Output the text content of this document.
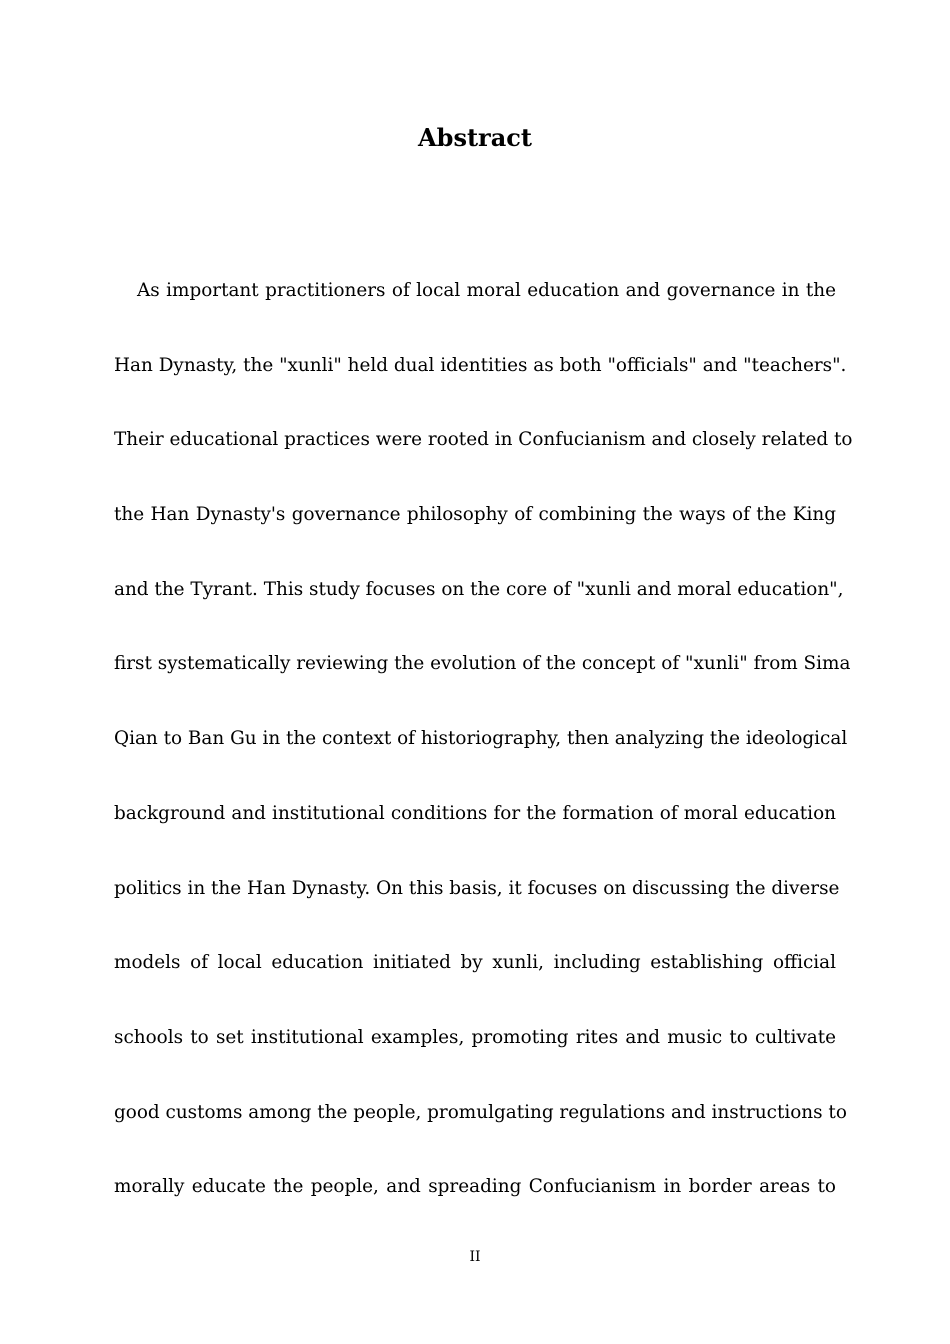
Abstract
As important practitioners of local moral education and governance in the
Han Dynasty, the "xunli" held dual identities as both "officials" and "teachers".
Their educational practices were rooted in Confucianism and closely related to
the Han Dynasty's governance philosophy of combining the ways of the King
and the Tyrant. This study focuses on the core of "xunli and moral education",
first systematically reviewing the evolution of the concept of "xunli" from Sima
Qian to Ban Gu in the context of historiography, then analyzing the ideological
background and institutional conditions for the formation of moral education
politics in the Han Dynasty. On this basis, it focuses on discussing the diverse
models of local education initiated by xunli, including establishing official
schools to set institutional examples, promoting rites and music to cultivate
good customs among the people, promulgating regulations and instructions to
morally educate the people, and spreading Confucianism in border areas to
II
